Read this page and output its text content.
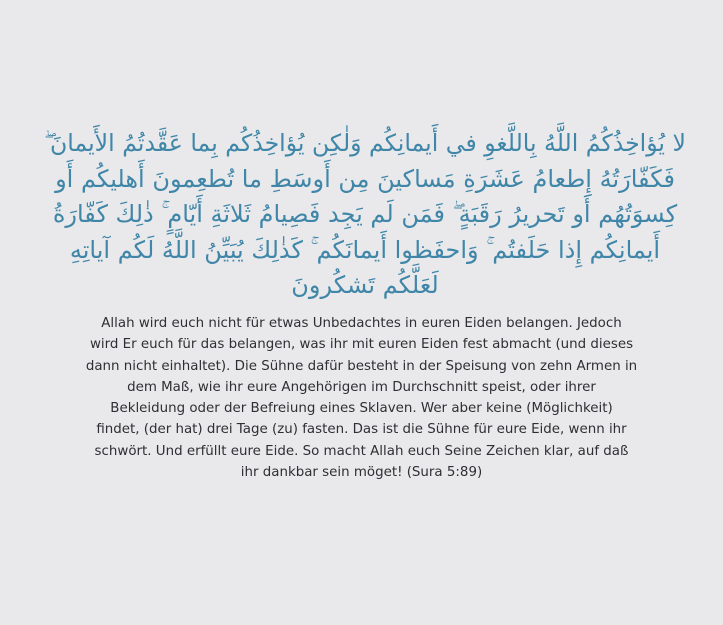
لا يُؤاخِذُكُمُ اللَّهُ بِاللَّغوِ في أَيمانِكُم وَلٰكِن يُؤاخِذُكُم بِما عَقَّدتُمُ الأَيمانَ ۖ
فَكَفّارَتُهُ إِطعامُ عَشَرَةِ مَساكينَ مِن أَوسَطِ ما تُطعِمونَ أَهليكُم أَو
كِسوَتُهُم أَو تَحريرُ رَقَبَةٍ ۖ فَمَن لَم يَجِد فَصِيامُ ثَلاثَةِ أَيّامٍ ۚ ذٰلِكَ كَفّارَةُ
أَيمانِكُم إِذا حَلَفتُم ۚ وَاحفَظوا أَيمانَكُم ۚ كَذٰلِكَ يُبَيِّنُ اللَّهُ لَكُم آياتِهِ
لَعَلَّكُم تَشكُرونَ
Allah wird euch nicht für etwas Unbedachtes in euren Eiden belangen. Jedoch
wird Er euch für das belangen, was ihr mit euren Eiden fest abmacht (und dieses
dann nicht einhaltet). Die Sühne dafür besteht in der Speisung von zehn Armen in
dem Maß, wie ihr eure Angehörigen im Durchschnitt speist, oder ihrer
Bekleidung oder der Befreiung eines Sklaven. Wer aber keine (Möglichkeit)
findet, (der hat) drei Tage (zu) fasten. Das ist die Sühne für eure Eide, wenn ihr
schwört. Und erfüllt eure Eide. So macht Allah euch Seine Zeichen klar, auf daß
ihr dankbar sein möget! (Sura 5:89)
